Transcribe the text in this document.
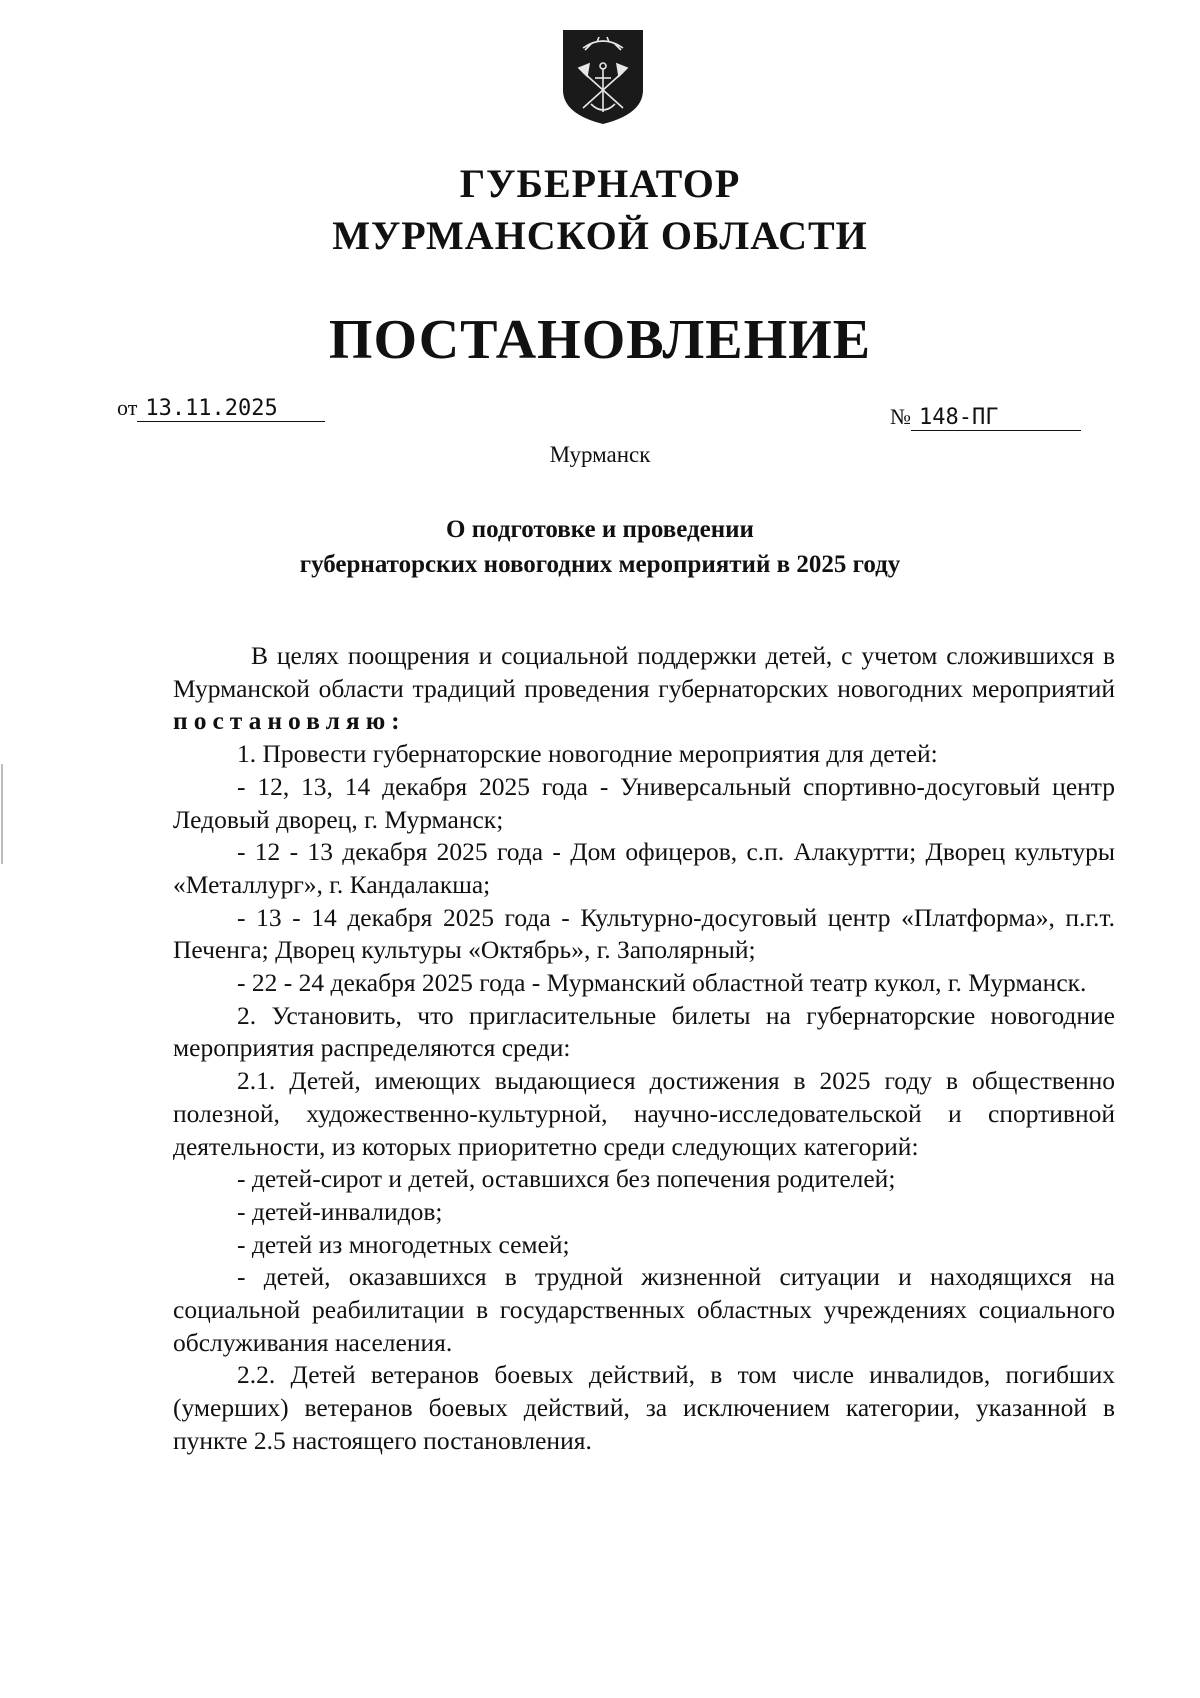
ГУБЕРНАТОР
МУРМАНСКОЙ ОБЛАСТИ
ПОСТАНОВЛЕНИЕ
от 13.11.2025	№ 148-ПГ
Мурманск
О подготовке и проведении
губернаторских новогодних мероприятий в 2025 году

В целях поощрения и социальной поддержки детей, с учетом сложившихся в Мурманской области традиций проведения губернаторских новогодних мероприятий постановляю:

1. Провести губернаторские новогодние мероприятия для детей:

- 12, 13, 14 декабря 2025 года - Универсальный спортивно-досуговый центр Ледовый дворец, г. Мурманск;

- 12 - 13 декабря 2025 года - Дом офицеров, с.п. Алакуртти; Дворец культуры «Металлург», г. Кандалакша;

- 13 - 14 декабря 2025 года - Культурно-досуговый центр «Платформа», п.г.т. Печенга; Дворец культуры «Октябрь», г. Заполярный;

- 22 - 24 декабря 2025 года - Мурманский областной театр кукол, г. Мурманск.

2. Установить, что пригласительные билеты на губернаторские новогодние мероприятия распределяются среди:

2.1. Детей, имеющих выдающиеся достижения в 2025 году в общественно полезной, художественно-культурной, научно-исследовательской и спортивной деятельности, из которых приоритетно среди следующих категорий:

- детей-сирот и детей, оставшихся без попечения родителей;

- детей-инвалидов;

- детей из многодетных семей;

- детей, оказавшихся в трудной жизненной ситуации и находящихся на социальной реабилитации в государственных областных учреждениях социального обслуживания населения.

2.2. Детей ветеранов боевых действий, в том числе инвалидов, погибших (умерших) ветеранов боевых действий, за исключением категории, указанной в пункте 2.5 настоящего постановления.
